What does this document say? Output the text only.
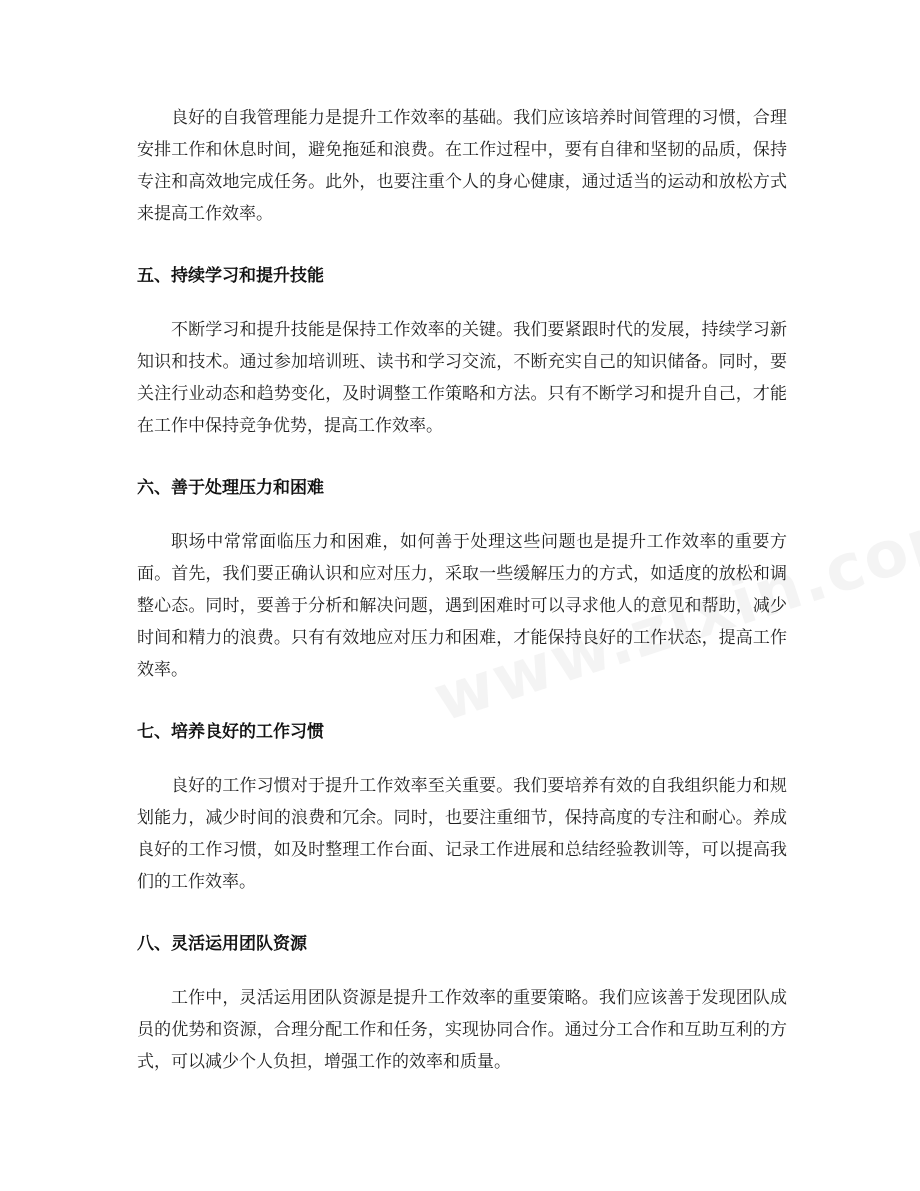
良好的自我管理能力是提升工作效率的基础。我们应该培养时间管理的习惯，合理安排工作和休息时间，避免拖延和浪费。在工作过程中，要有自律和坚韧的品质，保持专注和高效地完成任务。此外，也要注重个人的身心健康，通过适当的运动和放松方式来提高工作效率。

五、持续学习和提升技能

不断学习和提升技能是保持工作效率的关键。我们要紧跟时代的发展，持续学习新知识和技术。通过参加培训班、读书和学习交流，不断充实自己的知识储备。同时，要关注行业动态和趋势变化，及时调整工作策略和方法。只有不断学习和提升自己，才能在工作中保持竞争优势，提高工作效率。

六、善于处理压力和困难

职场中常常面临压力和困难，如何善于处理这些问题也是提升工作效率的重要方面。首先，我们要正确认识和应对压力，采取一些缓解压力的方式，如适度的放松和调整心态。同时，要善于分析和解决问题，遇到困难时可以寻求他人的意见和帮助，减少时间和精力的浪费。只有有效地应对压力和困难，才能保持良好的工作状态，提高工作效率。

七、培养良好的工作习惯

良好的工作习惯对于提升工作效率至关重要。我们要培养有效的自我组织能力和规划能力，减少时间的浪费和冗余。同时，也要注重细节，保持高度的专注和耐心。养成良好的工作习惯，如及时整理工作台面、记录工作进展和总结经验教训等，可以提高我们的工作效率。

八、灵活运用团队资源

工作中，灵活运用团队资源是提升工作效率的重要策略。我们应该善于发现团队成员的优势和资源，合理分配工作和任务，实现协同合作。通过分工合作和互助互利的方式，可以减少个人负担，增强工作的效率和质量。
